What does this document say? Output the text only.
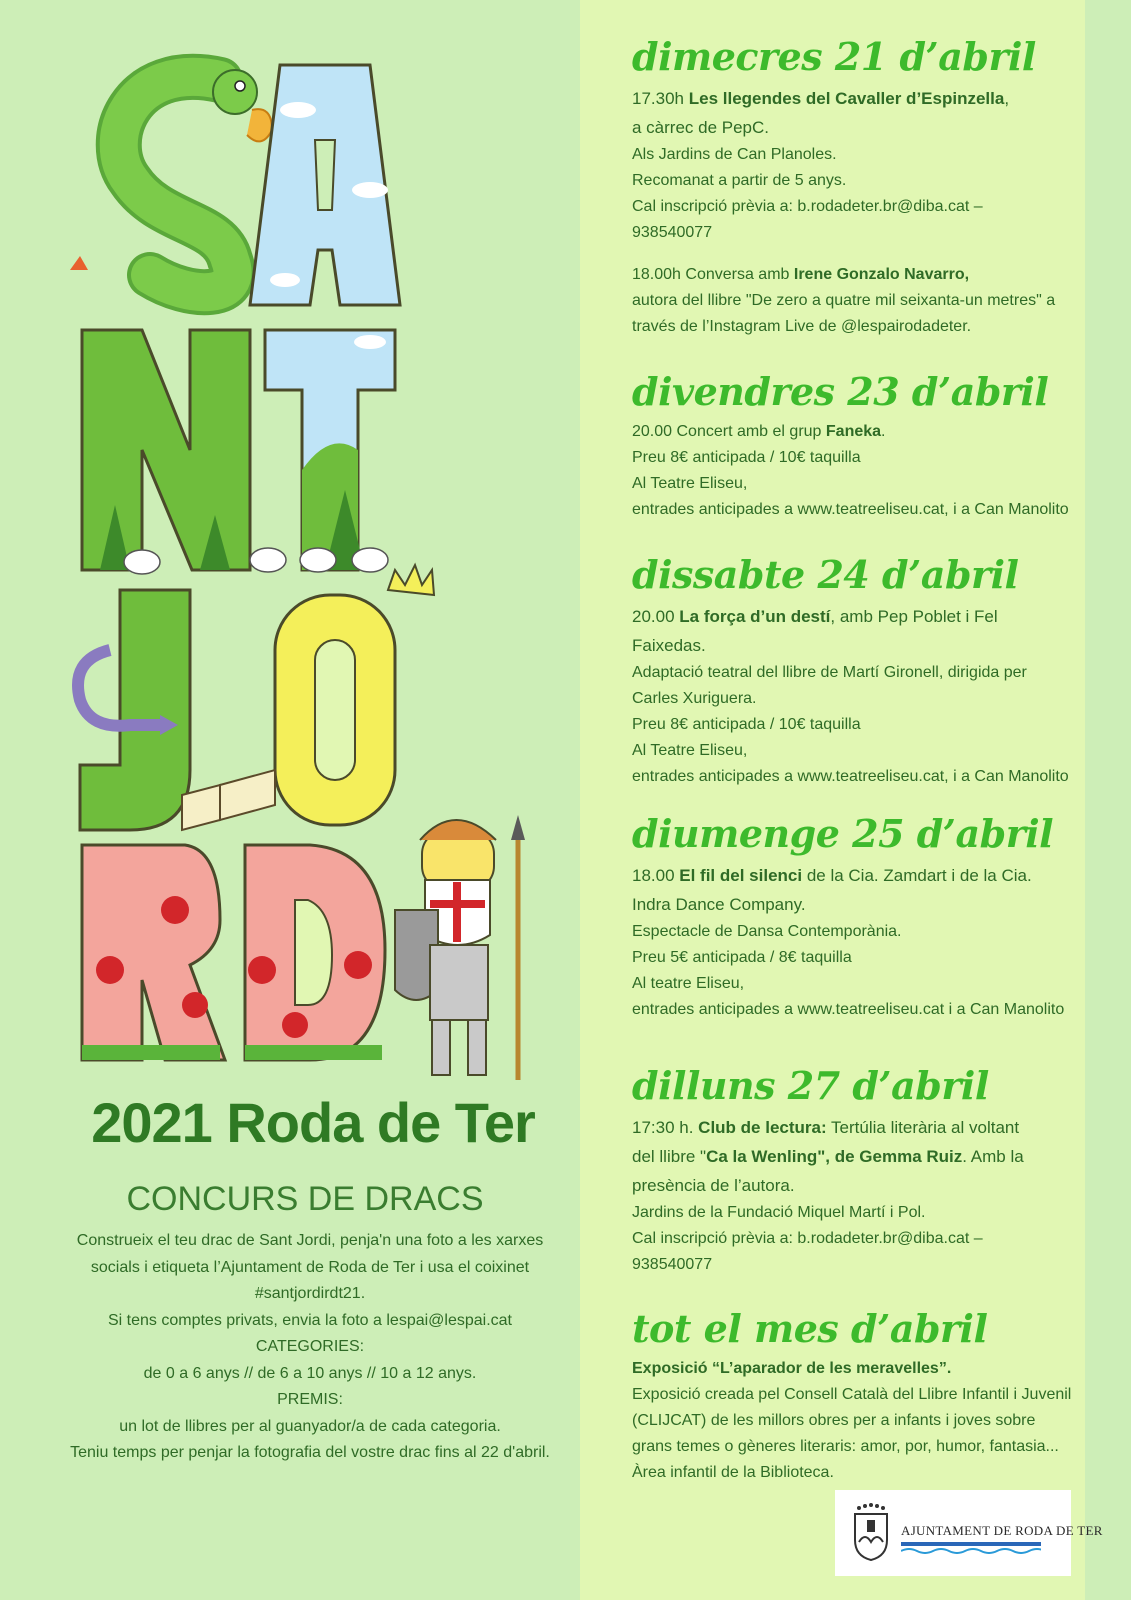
2021 Roda de Ter
CONCURS DE DRACS
Construeix el teu drac de Sant Jordi, penja'n una foto a les xarxes
socials i etiqueta l’Ajuntament de Roda de Ter i usa el coixinet
#santjordirdt21.
Si tens comptes privats, envia la foto a lespai@lespai.cat
CATEGORIES:
de 0 a 6 anys // de 6 a 10 anys // 10 a 12 anys.
PREMIS:
un lot de llibres per al guanyador/a de cada categoria.
Teniu temps per penjar la fotografia del vostre drac fins al 22 d'abril.
dimecres 21 d’abril

17.30h Les llegendes del Cavaller d’Espinzella,

a càrrec de PepC.

Als Jardins de Can Planoles.

Recomanat a partir de 5 anys.

Cal inscripció prèvia a: b.rodadeter.br@diba.cat –

938540077

18.00h Conversa amb Irene Gonzalo Navarro,

autora del llibre "De zero a quatre mil seixanta-un metres" a

través de l’Instagram Live de @lespairodadeter.

divendres 23 d’abril

20.00 Concert amb el grup Faneka.

Preu 8€ anticipada / 10€ taquilla

Al Teatre Eliseu,

entrades anticipades a www.teatreeliseu.cat, i a Can Manolito

dissabte 24 d’abril

20.00 La força d’un destí, amb Pep Poblet i Fel

Faixedas.

Adaptació teatral del llibre de Martí Gironell, dirigida per

Carles Xuriguera.

Preu 8€ anticipada / 10€ taquilla

Al Teatre Eliseu,

entrades anticipades a www.teatreeliseu.cat, i a Can Manolito

diumenge 25 d’abril

18.00 El fil del silenci de la Cia. Zamdart i de la Cia.

Indra Dance Company.

Espectacle de Dansa Contemporània.

Preu 5€ anticipada / 8€ taquilla

Al teatre Eliseu,

entrades anticipades a www.teatreeliseu.cat i a Can Manolito

dilluns 27 d’abril

17:30 h. Club de lectura: Tertúlia literària al voltant

del llibre "Ca la Wenling", de Gemma Ruiz. Amb la

presència de l’autora.

Jardins de la Fundació Miquel Martí i Pol.

Cal inscripció prèvia a: b.rodadeter.br@diba.cat –

938540077

tot el mes d’abril

Exposició “L’aparador de les meravelles”.

Exposició creada pel Consell Català del Llibre Infantil i Juvenil

(CLIJCAT) de les millors obres per a infants i joves sobre

grans temes o gèneres literaris: amor, por, humor, fantasia...

Àrea infantil de la Biblioteca.

AJUNTAMENT DE RODA DE TER
